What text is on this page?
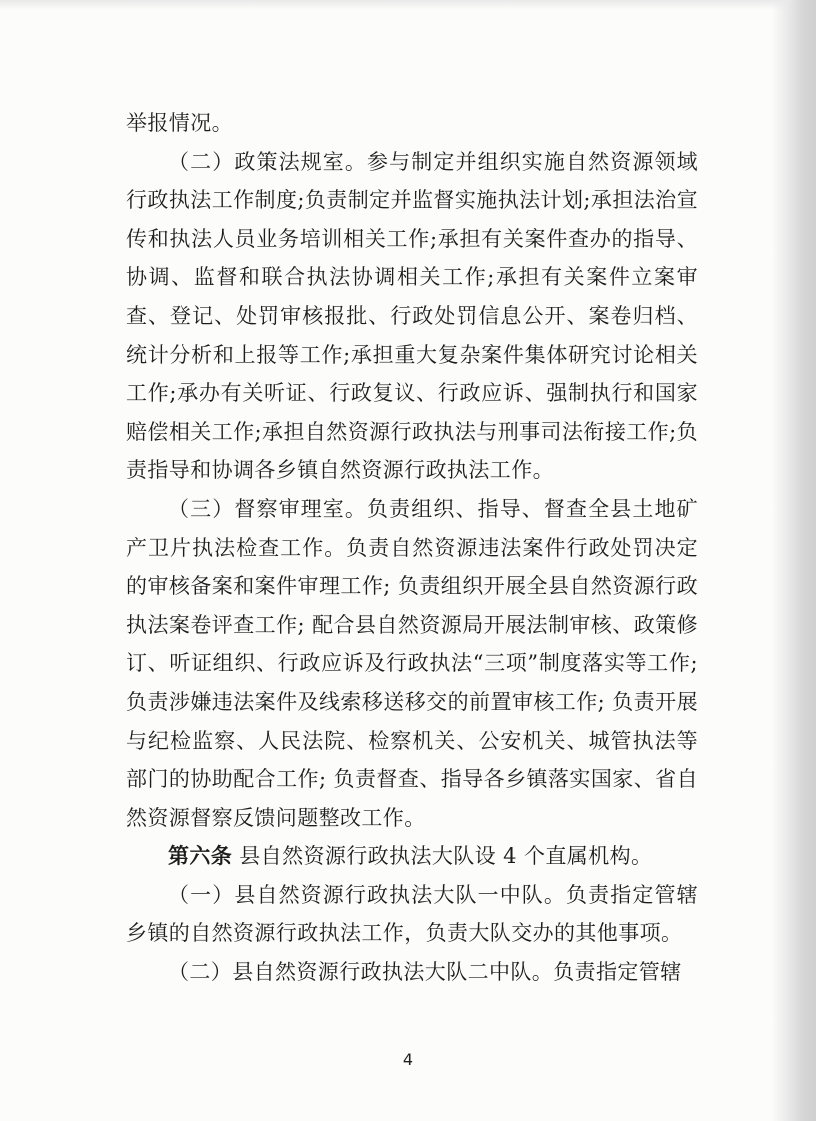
举报情况。

（二）政策法规室。参与制定并组织实施自然资源领域行政执法工作制度;负责制定并监督实施执法计划;承担法治宣传和执法人员业务培训相关工作;承担有关案件查办的指导、协调、监督和联合执法协调相关工作;承担有关案件立案审查、登记、处罚审核报批、行政处罚信息公开、案卷归档、统计分析和上报等工作;承担重大复杂案件集体研究讨论相关工作;承办有关听证、行政复议、行政应诉、强制执行和国家赔偿相关工作;承担自然资源行政执法与刑事司法衔接工作;负责指导和协调各乡镇自然资源行政执法工作。

（三）督察审理室。负责组织、指导、督查全县土地矿产卫片执法检查工作。负责自然资源违法案件行政处罚决定的审核备案和案件审理工作; 负责组织开展全县自然资源行政执法案卷评查工作; 配合县自然资源局开展法制审核、政策修订、听证组织、行政应诉及行政执法“三项”制度落实等工作; 负责涉嫌违法案件及线索移送移交的前置审核工作; 负责开展与纪检监察、人民法院、检察机关、公安机关、城管执法等部门的协助配合工作; 负责督查、指导各乡镇落实国家、省自然资源督察反馈问题整改工作。

第六条 县自然资源行政执法大队设 4 个直属机构。

（一）县自然资源行政执法大队一中队。负责指定管辖乡镇的自然资源行政执法工作，负责大队交办的其他事项。

（二）县自然资源行政执法大队二中队。负责指定管辖

4
